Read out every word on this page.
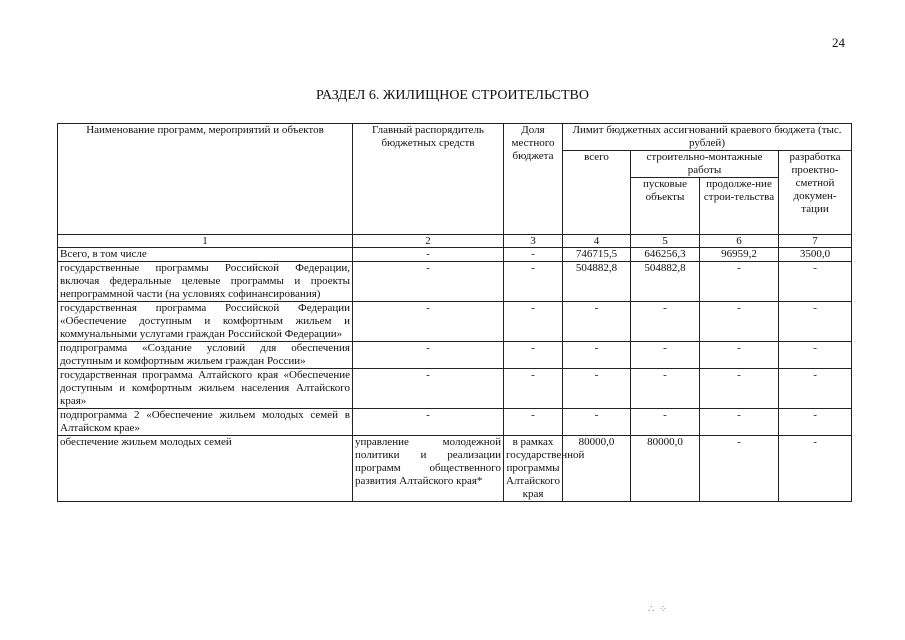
24
РАЗДЕЛ 6. ЖИЛИЩНОЕ СТРОИТЕЛЬСТВО
Наименование программ, мероприятий и объектов	Главный распорядитель бюджетных средств	Доля местного бюджета	Лимит бюджетных ассигнований краевого бюджета (тыс. рублей)			
			всего	строительно-монтажные работы		разработка проектно-сметной докумен-тации
				пусковые объекты	продолже-ние строи-тельства	
1	2	3	4	5	6	7
Всего, в том числе	-	-	746715,5	646256,3	96959,2	3500,0
государственные программы Российской Федерации, включая федеральные целевые программы и проекты непрограммной части (на условиях софинансирования)	-	-	504882,8	504882,8	-	-
государственная программа Российской Федерации «Обеспечение доступным и комфортным жильем и коммунальными услугами граждан Российской Федерации»	-	-	-	-	-	-
подпрограмма «Создание условий для обеспечения доступным и комфортным жильем граждан России»	-	-	-	-	-	-
государственная программа Алтайского края «Обеспечение доступным и комфортным жильем населения Алтайского края»	-	-	-	-	-	-
подпрограмма 2 «Обеспечение жильем молодых семей в Алтайском крае»	-	-	-	-	-	-
обеспечение жильем молодых семей	управление молодежной политики и реализации программ общественного развития Алтайского края*	в рамках государственной программы Алтайского края	80000,0	80000,0	-	-
∴ ⁘
